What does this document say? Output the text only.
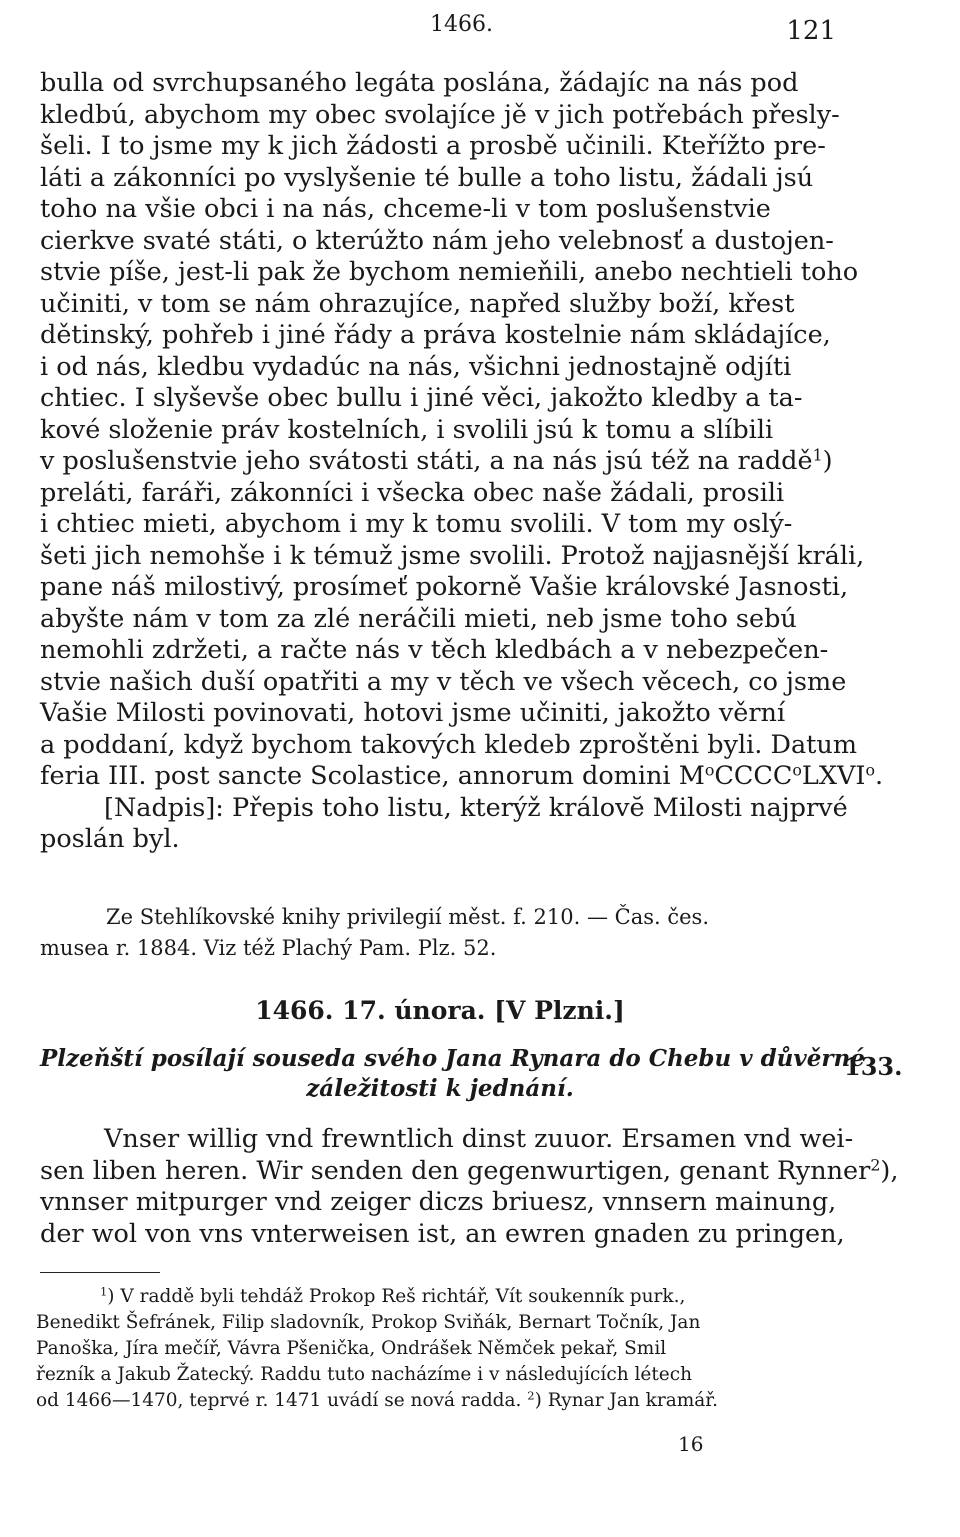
1466.	121
bulla od svrchupsaného legáta poslána, žádajíc na nás pod
kledbú, abychom my obec svolajíce jě v jich potřebách přesly-
šeli. I to jsme my k jich žádosti a prosbě učinili. Kteřížto pre-
láti a zákonníci po vyslyšenie té bulle a toho listu, žádali jsú
toho na všie obci i na nás, chceme-li v tom poslušenstvie
cierkve svaté státi, o kterúžto nám jeho velebnosť a dustojen-
stvie píše, jest-li pak že bychom nemieňili, anebo nechtieli toho
učiniti, v tom se nám ohrazujíce, napřed služby boží, křest
dětinský, pohřeb i jiné řády a práva kostelnie nám skládajíce,
i od nás, kledbu vydadúc na nás, všichni jednostajně odjíti
chtiec. I slyševše obec bullu i jiné věci, jakožto kledby a ta-
kové složenie práv kostelních, i svolili jsú k tomu a slíbili
v poslušenstvie jeho svátosti státi, a na nás jsú též na raddě$^1$)
preláti, faráři, zákonníci i všecka obec naše žádali, prosili
i chtiec mieti, abychom i my k tomu svolili. V tom my oslý-
šeti jich nemohše i k témuž jsme svolili. Protož najjasnější králi,
pane náš milostivý, prosímeť pokorně Vašie královské Jasnosti,
abyšte nám v tom za zlé neráčili mieti, neb jsme toho sebú
nemohli zdržeti, a račte nás v těch kledbách a v nebezpečen-
stvie našich duší opatřiti a my v těch ve všech věcech, co jsme
Vašie Milosti povinovati, hotovi jsme učiniti, jakožto věrní
a poddaní, když bychom takových kledeb zproštěni byli. Datum
feria III. post sancte Scolastice, annorum domini $M^oCCCC^oLXVI^o$.
[Nadpis]: Přepis toho listu, kterýž královĕ Milosti najprvé
poslán byl.
Ze Stehlíkovské knihy privilegií měst. f. 210. — Čas. čes.
musea r. 1884. Viz též Plachý Pam. Plz. 52.
1466. 17. února. [V Plzni.]
Plzeňští posílají souseda svého Jana Rynara do Chebu v důvěrné
záležitosti k jednání.
133.
Vnser willig vnd frewntlich dinst zuuor. Ersamen vnd wei-
sen liben heren. Wir senden den gegenwurtigen, genant Rynner$^2$),
vnnser mitpurger vnd zeiger diczs briuesz, vnnsern mainung,
der wol von vns vnterweisen ist, an ewren gnaden zu pringen,
$^1$) V raddě byli tehdáž Prokop Reš richtář, Vít soukenník purk.,
Benedikt Šefránek, Filip sladovník, Prokop Sviňák, Bernart Točník, Jan
Panoška, Jíra mečíř, Vávra Pšenička, Ondrášek Němček pekař, Smil
řezník a Jakub Žatecký. Raddu tuto nacházíme i v následujících létech
od 1466—1470, teprvé r. 1471 uvádí se nová radda. $^2$) Rynar Jan kramář.
16
